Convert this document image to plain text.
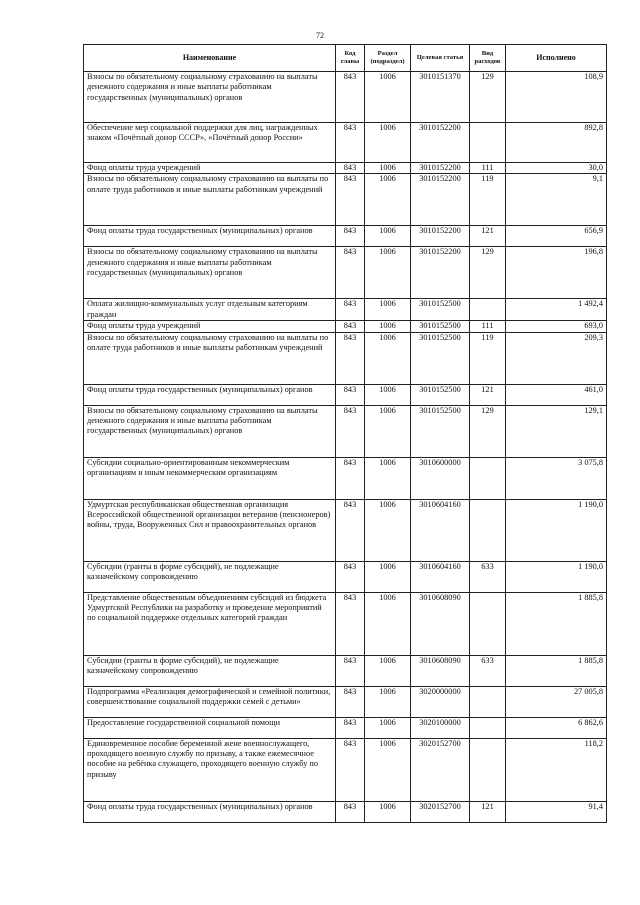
72
Наименование	Код главы	Раздел (подраздел)	Целевая статья	Вид расходов	Исполнено
Взносы по обязательному социальному страхованию на выплаты денежного содержания и иные выплаты работникам государственных (муниципальных) органов	843	1006	3010151370	129	108,9
Обеспечение мер социальной поддержки для лиц, награжденных знаком «Почётный донор СССР», «Почётный донор России»	843	1006	3010152200		892,8
Фонд оплаты труда учреждений	843	1006	3010152200	111	30,0
Взносы по обязательному социальному страхованию на выплаты по оплате труда работников и иные выплаты работникам учреждений	843	1006	3010152200	119	9,1
Фонд оплаты труда государственных (муниципальных) органов	843	1006	3010152200	121	656,9
Взносы по обязательному социальному страхованию на выплаты денежного содержания и иные выплаты работникам государственных (муниципальных) органов	843	1006	3010152200	129	196,8
Оплата жилищно-коммунальных услуг отдельным категориям граждан	843	1006	3010152500		1 492,4
Фонд оплаты труда учреждений	843	1006	3010152500	111	693,0
Взносы по обязательному социальному страхованию на выплаты по оплате труда работников и иные выплаты работникам учреждений	843	1006	3010152500	119	209,3
Фонд оплаты труда государственных (муниципальных) органов	843	1006	3010152500	121	461,0
Взносы по обязательному социальному страхованию на выплаты денежного содержания и иные выплаты работникам государственных (муниципальных) органов	843	1006	3010152500	129	129,1
Субсидии социально-ориентированным некоммерческим организациям и иным некоммерческим организациям	843	1006	3010600000		3 075,8
Удмуртская республиканская общественная организация Всероссийской общественной организации ветеранов (пенсионеров) войны, труда, Вооруженных Сил и правоохранительных органов	843	1006	3010604160		1 190,0
Субсидии (гранты в форме субсидий), не подлежащие казначейскому сопровождению	843	1006	3010604160	633	1 190,0
Представление общественным объединениям субсидий из бюджета Удмуртской Республики на разработку и проведение мероприятий по социальной поддержке отдельных категорий граждан	843	1006	3010608090		1 885,8
Субсидии (гранты в форме субсидий), не подлежащие казначейскому сопровождению	843	1006	3010608090	633	1 885,8
Подпрограмма «Реализация демографической и семейной политики, совершенствование социальной поддержки семей с детьми»	843	1006	3020000000		27 005,8
Предоставление государственной социальной помощи	843	1006	3020100000		6 862,6
Единовременное пособие беременной жене военнослужащего, проходящего военную службу по призыву, а также ежемесячное пособие на ребёнка служащего, проходящего военную службу по призыву	843	1006	3020152700		118,2
Фонд оплаты труда государственных (муниципальных) органов	843	1006	3020152700	121	91,4
